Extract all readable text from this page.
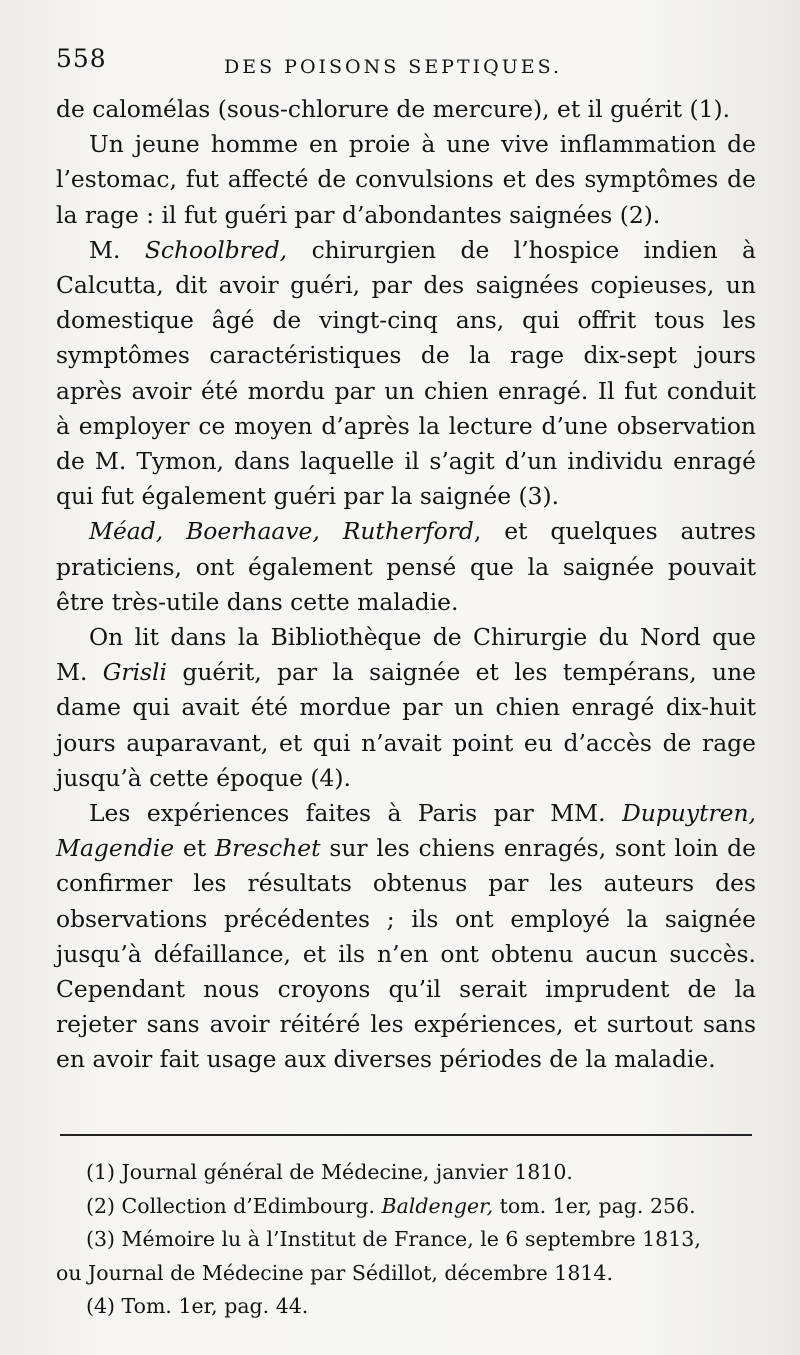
558	DES POISONS SEPTIQUES.

de calomélas (sous-chlorure de mercure), et il guérit (1).

Un jeune homme en proie à une vive inflammation de l’estomac, fut affecté de convulsions et des symptômes de la rage : il fut guéri par d’abondantes saignées (2).

M. Schoolbred, chirurgien de l’hospice indien à Calcutta, dit avoir guéri, par des saignées copieuses, un domestique âgé de vingt-cinq ans, qui offrit tous les symptômes caractéristiques de la rage dix-sept jours après avoir été mordu par un chien enragé. Il fut conduit à employer ce moyen d’après la lecture d’une observation de M. Tymon, dans laquelle il s’agit d’un individu enragé qui fut également guéri par la saignée (3).

Méad, Boerhaave, Rutherford, et quelques autres praticiens, ont également pensé que la saignée pouvait être très-utile dans cette maladie.

On lit dans la Bibliothèque de Chirurgie du Nord que M. Grisli guérit, par la saignée et les tempérans, une dame qui avait été mordue par un chien enragé dix-huit jours auparavant, et qui n’avait point eu d’accès de rage jusqu’à cette époque (4).

Les expériences faites à Paris par MM. Dupuytren, Magendie et Breschet sur les chiens enragés, sont loin de confirmer les résultats obtenus par les auteurs des observations précédentes ; ils ont employé la saignée jusqu’à défaillance, et ils n’en ont obtenu aucun succès. Cependant nous croyons qu’il serait imprudent de la rejeter sans avoir réitéré les expériences, et surtout sans en avoir fait usage aux diverses périodes de la maladie.

(1) Journal général de Médecine, janvier 1810.

(2) Collection d’Edimbourg. Baldenger, tom. 1er, pag. 256.

(3) Mémoire lu à l’Institut de France, le 6 septembre 1813,

ou Journal de Médecine par Sédillot, décembre 1814.

(4) Tom. 1er, pag. 44.
